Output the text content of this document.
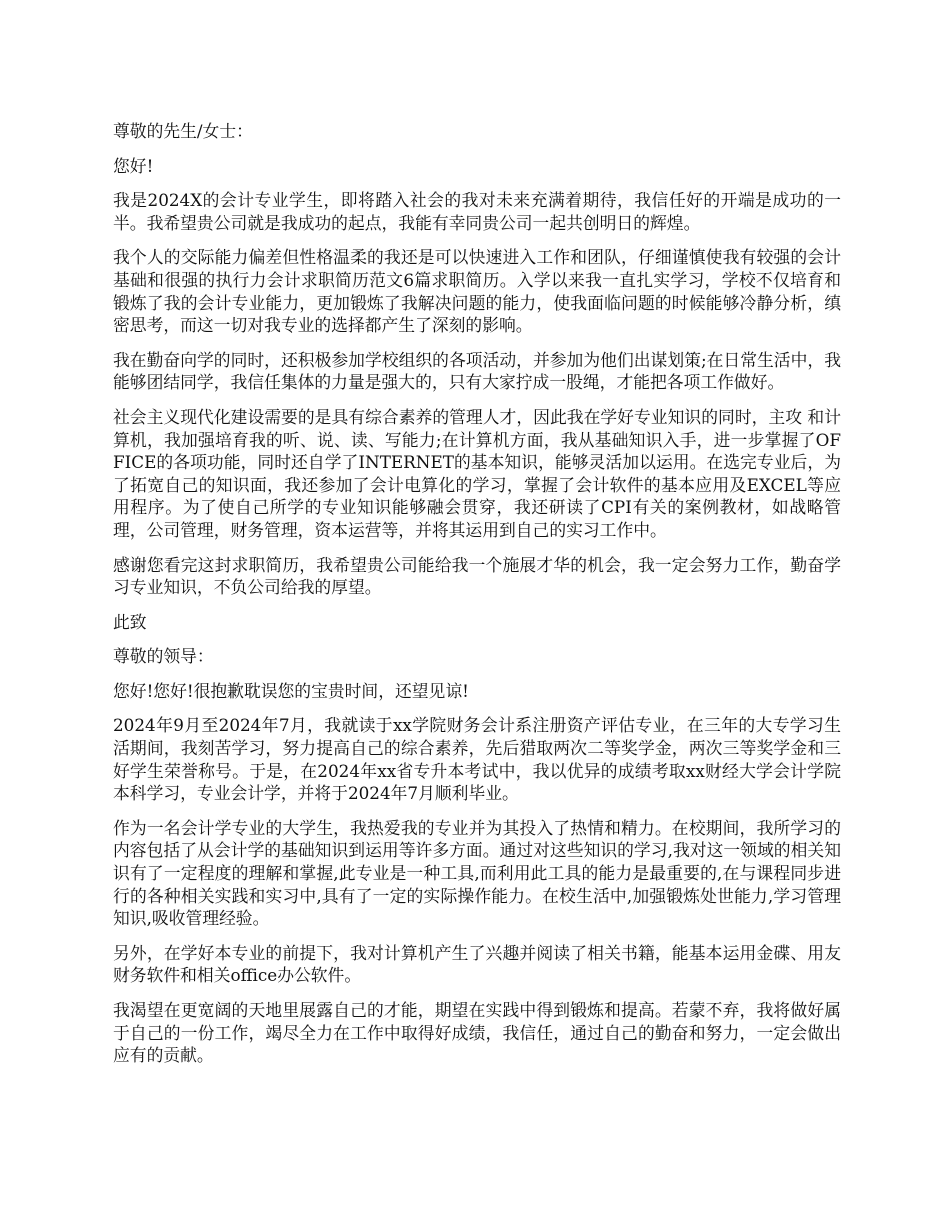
尊敬的先生/女士：

您好!

我是2024X的会计专业学生，即将踏入社会的我对未来充满着期待，我信任好的开端是成功的一半。我希望贵公司就是我成功的起点，我能有幸同贵公司一起共创明日的辉煌。

我个人的交际能力偏差但性格温柔的我还是可以快速进入工作和团队，仔细谨慎使我有较强的会计基础和很强的执行力会计求职简历范文6篇求职简历。入学以来我一直扎实学习，学校不仅培育和锻炼了我的会计专业能力，更加锻炼了我解决问题的能力，使我面临问题的时候能够冷静分析，缜密思考，而这一切对我专业的选择都产生了深刻的影响。

我在勤奋向学的同时，还积极参加学校组织的各项活动，并参加为他们出谋划策;在日常生活中，我能够团结同学，我信任集体的力量是强大的，只有大家拧成一股绳，才能把各项工作做好。

社会主义现代化建设需要的是具有综合素养的管理人才，因此我在学好专业知识的同时，主攻 和计算机，我加强培育我的听、说、读、写能力;在计算机方面，我从基础知识入手，进一步掌握了OFFICE的各项功能，同时还自学了INTERNET的基本知识，能够灵活加以运用。在选完专业后，为了拓宽自己的知识面，我还参加了会计电算化的学习，掌握了会计软件的基本应用及EXCEL等应用程序。为了使自己所学的专业知识能够融会贯穿，我还研读了CPI有关的案例教材，如战略管理，公司管理，财务管理，资本运营等，并将其运用到自己的实习工作中。

感谢您看完这封求职简历，我希望贵公司能给我一个施展才华的机会，我一定会努力工作，勤奋学习专业知识，不负公司给我的厚望。

此致

尊敬的领导：

您好!您好!很抱歉耽误您的宝贵时间，还望见谅!

2024年9月至2024年7月，我就读于xx学院财务会计系注册资产评估专业，在三年的大专学习生活期间，我刻苦学习，努力提高自己的综合素养，先后猎取两次二等奖学金，两次三等奖学金和三好学生荣誉称号。于是，在2024年xx省专升本考试中，我以优异的成绩考取xx财经大学会计学院本科学习，专业会计学，并将于2024年7月顺利毕业。

作为一名会计学专业的大学生，我热爱我的专业并为其投入了热情和精力。在校期间，我所学习的内容包括了从会计学的基础知识到运用等许多方面。通过对这些知识的学习,我对这一领域的相关知识有了一定程度的理解和掌握,此专业是一种工具,而利用此工具的能力是最重要的,在与课程同步进行的各种相关实践和实习中,具有了一定的实际操作能力。在校生活中,加强锻炼处世能力,学习管理知识,吸收管理经验。

另外，在学好本专业的前提下，我对计算机产生了兴趣并阅读了相关书籍，能基本运用金碟、用友财务软件和相关office办公软件。

我渴望在更宽阔的天地里展露自己的才能，期望在实践中得到锻炼和提高。若蒙不弃，我将做好属于自己的一份工作，竭尽全力在工作中取得好成绩，我信任，通过自己的勤奋和努力，一定会做出应有的贡献。
